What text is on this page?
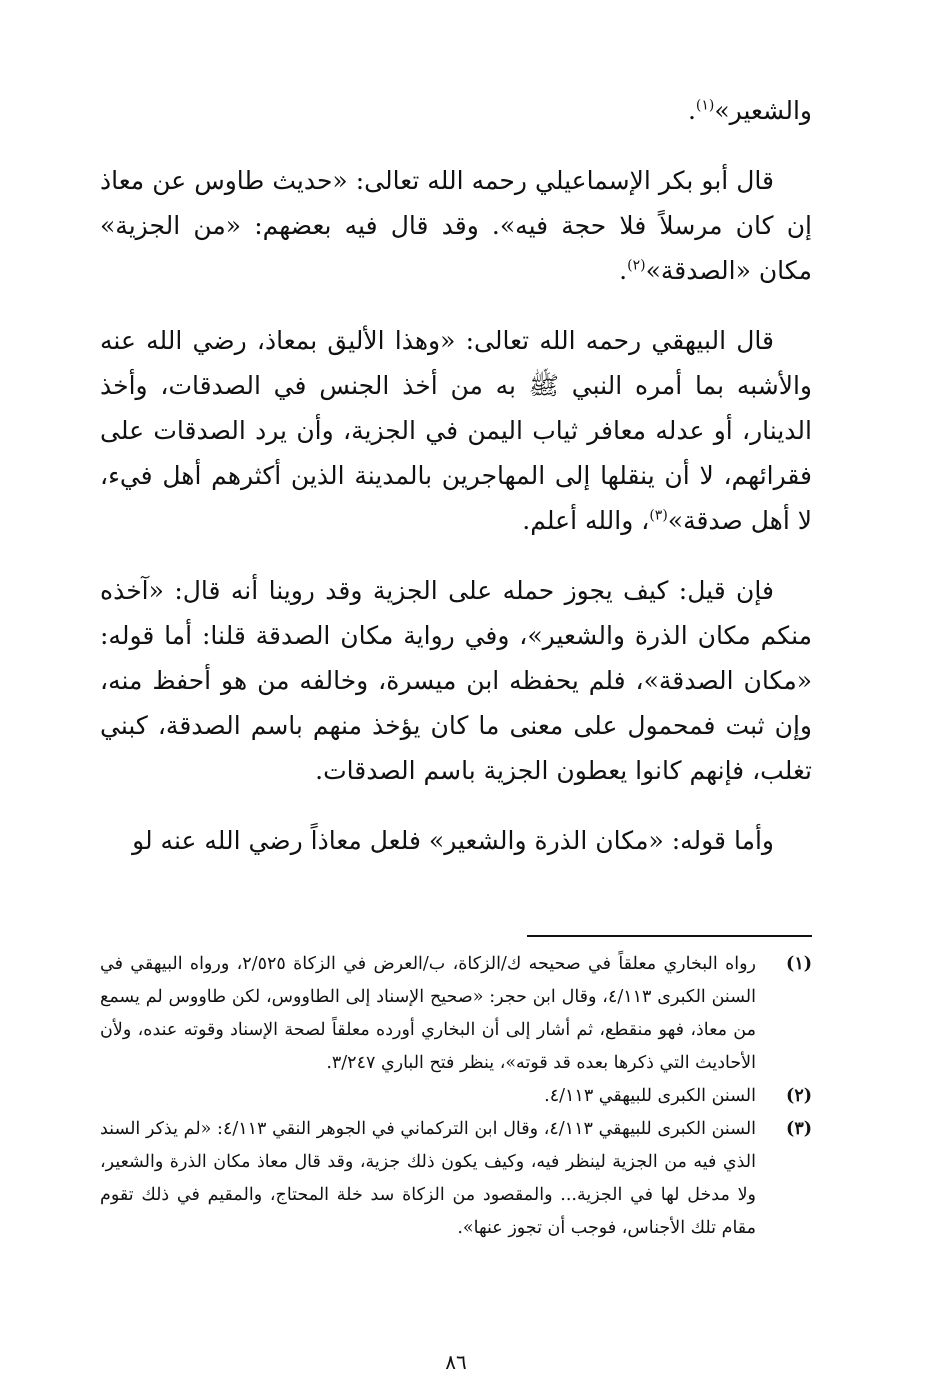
والشعير»$^{(١)}$.

قال أبو بكر الإسماعيلي رحمه الله تعالى: «حديث طاوس عن معاذ إن كان مرسلاً فلا حجة فيه». وقد قال فيه بعضهم: «من الجزية» مكان «الصدقة»$^{(٢)}$.

قال البيهقي رحمه الله تعالى: «وهذا الأليق بمعاذ، رضي الله عنه والأشبه بما أمره النبي ﷺ به من أخذ الجنس في الصدقات، وأخذ الدينار، أو عدله معافر ثياب اليمن في الجزية، وأن يرد الصدقات على فقرائهم، لا أن ينقلها إلى المهاجرين بالمدينة الذين أكثرهم أهل فيء، لا أهل صدقة»$^{(٣)}$، والله أعلم.

فإن قيل: كيف يجوز حمله على الجزية وقد روينا أنه قال: «آخذه منكم مكان الذرة والشعير»، وفي رواية مكان الصدقة قلنا: أما قوله: «مكان الصدقة»، فلم يحفظه ابن ميسرة، وخالفه من هو أحفظ منه، وإن ثبت فمحمول على معنى ما كان يؤخذ منهم باسم الصدقة، كبني تغلب، فإنهم كانوا يعطون الجزية باسم الصدقات.

وأما قوله: «مكان الذرة والشعير» فلعل معاذاً رضي الله عنه لو

(١)
رواه البخاري معلقاً في صحيحه ك/الزكاة، ب/العرض في الزكاة ٢/٥٢٥، ورواه البيهقي في السنن الكبرى ٤/١١٣، وقال ابن حجر: «صحيح الإسناد إلى الطاووس، لكن طاووس لم يسمع من معاذ، فهو منقطع، ثم أشار إلى أن البخاري أورده معلقاً لصحة الإسناد وقوته عنده، ولأن الأحاديث التي ذكرها بعده قد قوته»، ينظر فتح الباري ٣/٢٤٧.
(٢)
السنن الكبرى للبيهقي ٤/١١٣.
(٣)
السنن الكبرى للبيهقي ٤/١١٣، وقال ابن التركماني في الجوهر النقي ٤/١١٣: «لم يذكر السند الذي فيه من الجزية لينظر فيه، وكيف يكون ذلك جزية، وقد قال معاذ مكان الذرة والشعير، ولا مدخل لها في الجزية... والمقصود من الزكاة سد خلة المحتاج، والمقيم في ذلك تقوم مقام تلك الأجناس، فوجب أن تجوز عنها».
٨٦
